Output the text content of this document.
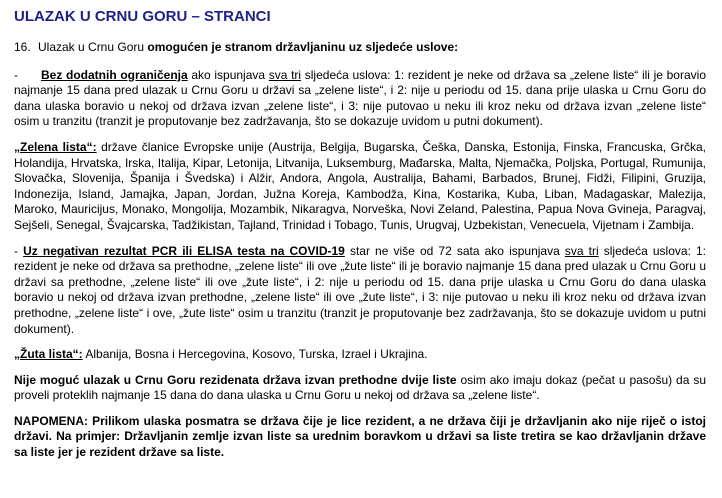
ULAZAK U CRNU GORU – STRANCI

16. Ulazak u Crnu Goru omogućen je stranom državljaninu uz sljedeće uslove:

- Bez dodatnih ograničenja ako ispunjava sva tri sljedeća uslova: 1: rezident je neke od država sa „zelene liste“ ili je boravio najmanje 15 dana pred ulazak u Crnu Goru u državi sa „zelene liste“, i 2: nije u periodu od 15. dana prije ulaska u Crnu Goru do dana ulaska boravio u nekoj od država izvan „zelene liste“, i 3: nije putovao u neku ili kroz neku od država izvan „zelene liste“ osim u tranzitu (tranzit je proputovanje bez zadržavanja, što se dokazuje uvidom u putni dokument).

„Zelena lista“: države članice Evropske unije (Austrija, Belgija, Bugarska, Češka, Danska, Estonija, Finska, Francuska, Grčka, Holandija, Hrvatska, Irska, Italija, Kipar, Letonija, Litvanija, Luksemburg, Mađarska, Malta, Njemačka, Poljska, Portugal, Rumunija, Slovačka, Slovenija, Španija i Švedska) i Alžir, Andora, Angola, Australija, Bahami, Barbados, Brunej, Fidži, Filipini, Gruzija, Indonezija, Island, Jamajka, Japan, Jordan, Južna Koreja, Kambodža, Kina, Kostarika, Kuba, Liban, Madagaskar, Malezija, Maroko, Mauricijus, Monako, Mongolija, Mozambik, Nikaragva, Norveška, Novi Zeland, Palestina, Papua Nova Gvineja, Paragvaj, Sejšeli, Senegal, Švajcarska, Tadžikistan, Tajland, Trinidad i Tobago, Tunis, Urugvaj, Uzbekistan, Venecuela, Vijetnam i Zambija.

- Uz negativan rezultat PCR ili ELISA testa na COVID-19 star ne više od 72 sata ako ispunjava sva tri sljedeća uslova: 1: rezident je neke od država sa prethodne, „zelene liste“ ili ove „žute liste“ ili je boravio najmanje 15 dana pred ulazak u Crnu Goru u državi sa prethodne, „zelene liste“ ili ove „žute liste“, i 2: nije u periodu od 15. dana prije ulaska u Crnu Goru do dana ulaska boravio u nekoj od država izvan prethodne, „zelene liste“ ili ove „žute liste“, i 3: nije putovao u neku ili kroz neku od država izvan prethodne, „zelene liste“ i ove, „žute liste“ osim u tranzitu (tranzit je proputovanje bez zadržavanja, što se dokazuje uvidom u putni dokument).

„Žuta lista“: Albanija, Bosna i Hercegovina, Kosovo, Turska, Izrael i Ukrajina.

Nije moguć ulazak u Crnu Goru rezidenata država izvan prethodne dvije liste osim ako imaju dokaz (pečat u pasošu) da su proveli proteklih najmanje 15 dana do dana ulaska u Crnu Goru u nekoj od država sa „zelene liste“.

NAPOMENA: Prilikom ulaska posmatra se država čije je lice rezident, a ne država čiji je državljanin ako nije riječ o istoj državi. Na primjer: Državljanin zemlje izvan liste sa urednim boravkom u državi sa liste tretira se kao državljanin države sa liste jer je rezident države sa liste.
